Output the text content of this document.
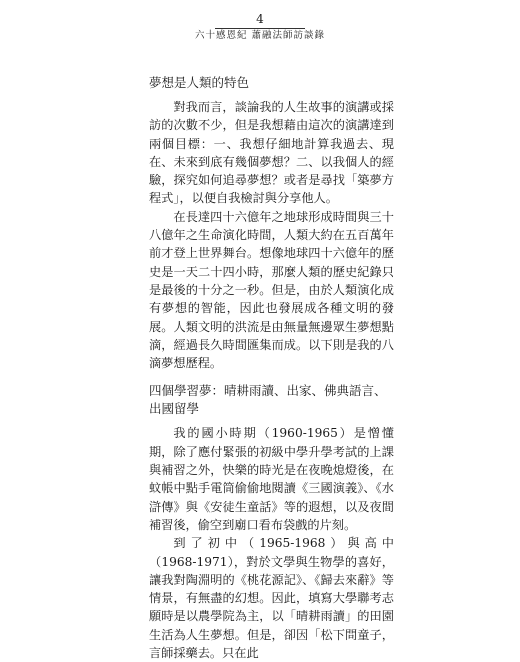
4
六十感恩紀 蕭融法師訪談錄
夢想是人類的特色

對我而言，談論我的人生故事的演講或採訪的次數不少，但是我想藉由這次的演講達到兩個目標：一、我想仔細地計算我過去、現在、未來到底有幾個夢想？二、以我個人的經驗，探究如何追尋夢想？或者是尋找「築夢方程式」，以便自我檢討與分享他人。

在長達四十六億年之地球形成時間與三十八億年之生命演化時間，人類大約在五百萬年前才登上世界舞台。想像地球四十六億年的歷史是一天二十四小時，那麼人類的歷史紀錄只是最後的十分之一秒。但是，由於人類演化成有夢想的智能，因此也發展成各種文明的發展。人類文明的洪流是由無量無邊眾生夢想點滴，經過長久時間匯集而成。以下則是我的八滴夢想歷程。

四個學習夢：晴耕雨讀、出家、佛典語言、出國留學

我的國小時期（1960-1965）是憎懂期，除了應付緊張的初級中學升學考試的上課與補習之外，快樂的時光是在夜晚熄燈後，在蚊帳中點手電筒偷偷地閱讀《三國演義》、《水滸傳》與《安徒生童話》等的遐想，以及夜間補習後，偷空到廟口看布袋戲的片刻。

到了初中（1965-1968）與高中（1968-1971），對於文學與生物學的喜好，讓我對陶淵明的《桃花源記》、《歸去來辭》等情景，有無盡的幻想。因此，填寫大學聯考志願時是以農學院為主，以「晴耕雨讀」的田園生活為人生夢想。但是，卻因「松下問童子，言師採藥去。只在此
